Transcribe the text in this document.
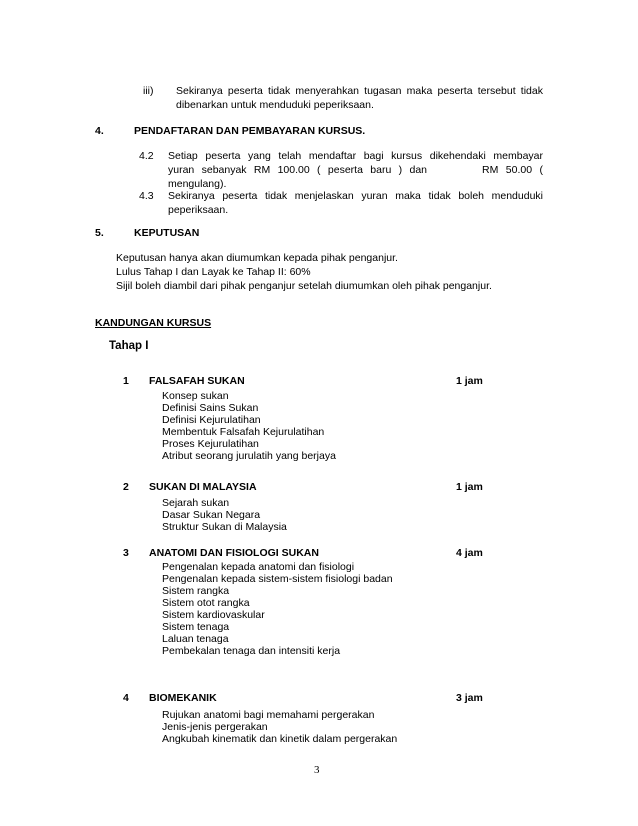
iii) Sekiranya peserta tidak menyerahkan tugasan maka peserta tersebut tidak
dibenarkan untuk menduduki peperiksaan.
4.	PENDAFTARAN DAN PEMBAYARAN KURSUS.
4.2 Setiap peserta yang telah mendaftar bagi kursus dikehendaki membayar
yuran sebanyak RM 100.00 ( peserta baru ) dan	RM 50.00 (
mengulang).
4.3 Sekiranya peserta tidak menjelaskan yuran maka tidak boleh menduduki
peperiksaan.
5.	KEPUTUSAN
Keputusan hanya akan diumumkan kepada pihak penganjur.
Lulus Tahap I dan Layak ke Tahap II: 60%
Sijil boleh diambil dari pihak penganjur setelah diumumkan oleh pihak penganjur.
KANDUNGAN KURSUS
Tahap I
1 FALSAFAH SUKAN	1 jam
Konsep sukan
Definisi Sains Sukan
Definisi Kejurulatihan
Membentuk Falsafah Kejurulatihan
Proses Kejurulatihan
Atribut seorang jurulatih yang berjaya
2 SUKAN DI MALAYSIA	1 jam
Sejarah sukan
Dasar Sukan Negara
Struktur Sukan di Malaysia
3 ANATOMI DAN FISIOLOGI SUKAN	4 jam
Pengenalan kepada anatomi dan fisiologi
Pengenalan kepada sistem-sistem fisiologi badan
Sistem rangka
Sistem otot rangka
Sistem kardiovaskular
Sistem tenaga
Laluan tenaga
Pembekalan tenaga dan intensiti kerja
4 BIOMEKANIK	3 jam
Rujukan anatomi bagi memahami pergerakan
Jenis-jenis pergerakan
Angkubah kinematik dan kinetik dalam pergerakan
3
